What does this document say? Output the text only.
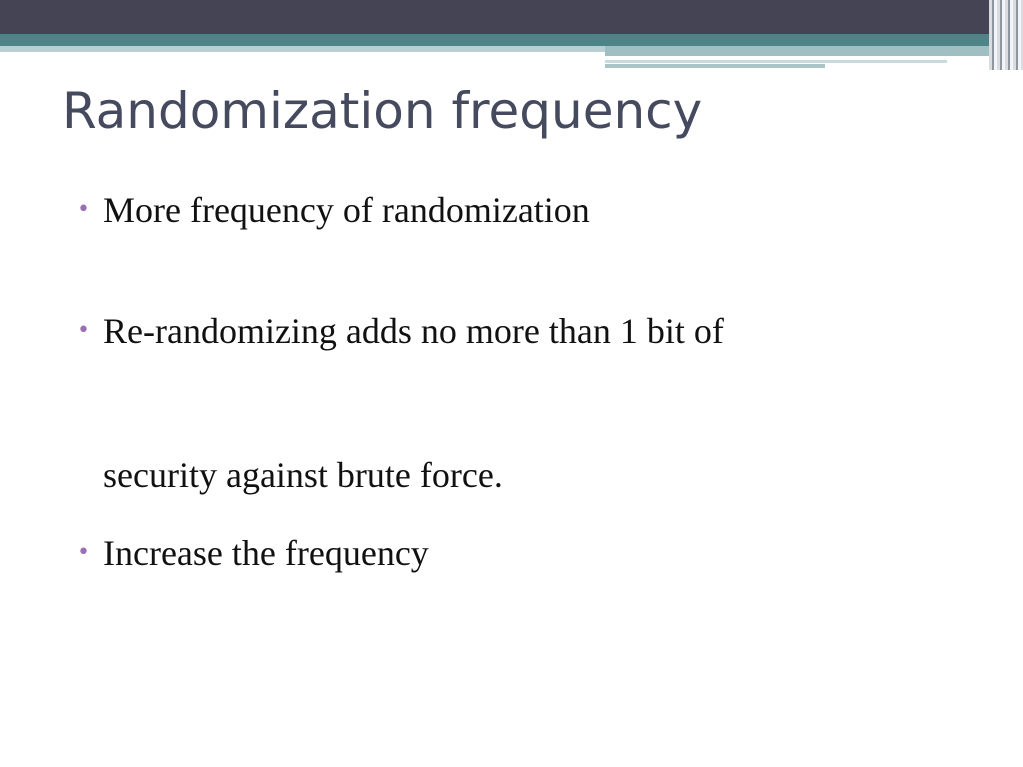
Randomization frequency
• More frequency of randomization
• Re-randomizing adds no more than 1 bit of
security against brute force.
• Increase the frequency
